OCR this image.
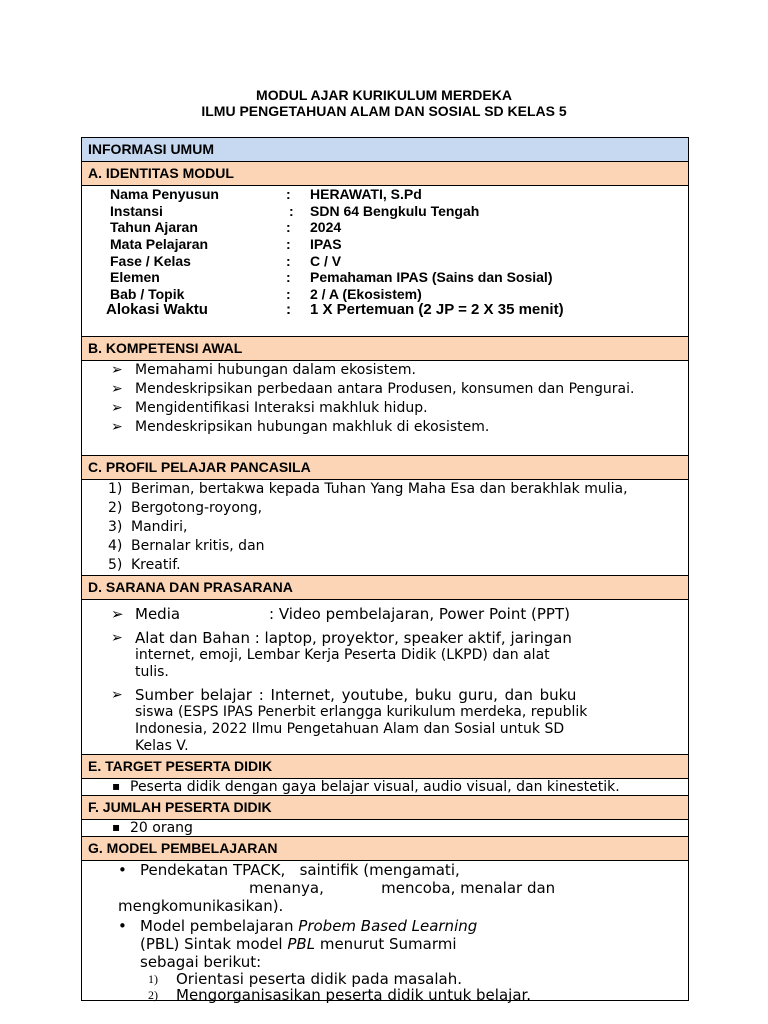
MODUL AJAR KURIKULUM MERDEKA
ILMU PENGETAHUAN ALAM DAN SOSIAL SD KELAS 5
INFORMASI UMUM
A. IDENTITAS MODUL

Nama Penyusun	: HERAWATI, S.Pd
Instansi	: SDN 64 Bengkulu Tengah
Tahun Ajaran	: 2024
Mata Pelajaran	: IPAS
Fase / Kelas	: C / V
Elemen	: Pemahaman IPAS (Sains dan Sosial)
Bab / Topik	: 2 / A (Ekosistem)
Alokasi Waktu	: 1 X Pertemuan (2 JP = 2 X 35 menit)

B. KOMPETENSI AWAL

➢ Memahami hubungan dalam ekosistem.
➢ Mendeskripsikan perbedaan antara Produsen, konsumen dan Pengurai.
➢ Mengidentifikasi Interaksi makhluk hidup.
➢ Mendeskripsikan hubungan makhluk di ekosistem.

C. PROFIL PELAJAR PANCASILA

1) Beriman, bertakwa kepada Tuhan Yang Maha Esa dan berakhlak mulia,
2) Bergotong-royong,
3) Mandiri,
4) Bernalar kritis, dan
5) Kreatif.

D. SARANA DAN PRASARANA

➢ Media	: Video pembelajaran, Power Point (PPT)
➢ Alat dan Bahan : laptop, proyektor, speaker aktif, jaringan
internet, emoji, Lembar Kerja Peserta Didik (LKPD) dan alat
tulis.
➢ Sumber belajar : Internet, youtube, buku guru, dan buku
siswa (ESPS IPAS Penerbit erlangga kurikulum merdeka, republik
Indonesia, 2022 Ilmu Pengetahuan Alam dan Sosial untuk SD
Kelas V.

E. TARGET PESERTA DIDIK

▪ Peserta didik dengan gaya belajar visual, audio visual, dan kinestetik.

F. JUMLAH PESERTA DIDIK

▪ 20 orang

G. MODEL PEMBELAJARAN

• Pendekatan TPACK,   saintifik (mengamati,
menanya,            mencoba, menalar dan
mengkomunikasikan).
• Model pembelajaran Probem Based Learning
(PBL) Sintak model PBL menurut Sumarmi
sebagai berikut:
1) Orientasi peserta didik pada masalah.
2) Mengorganisasikan peserta didik untuk belajar.
